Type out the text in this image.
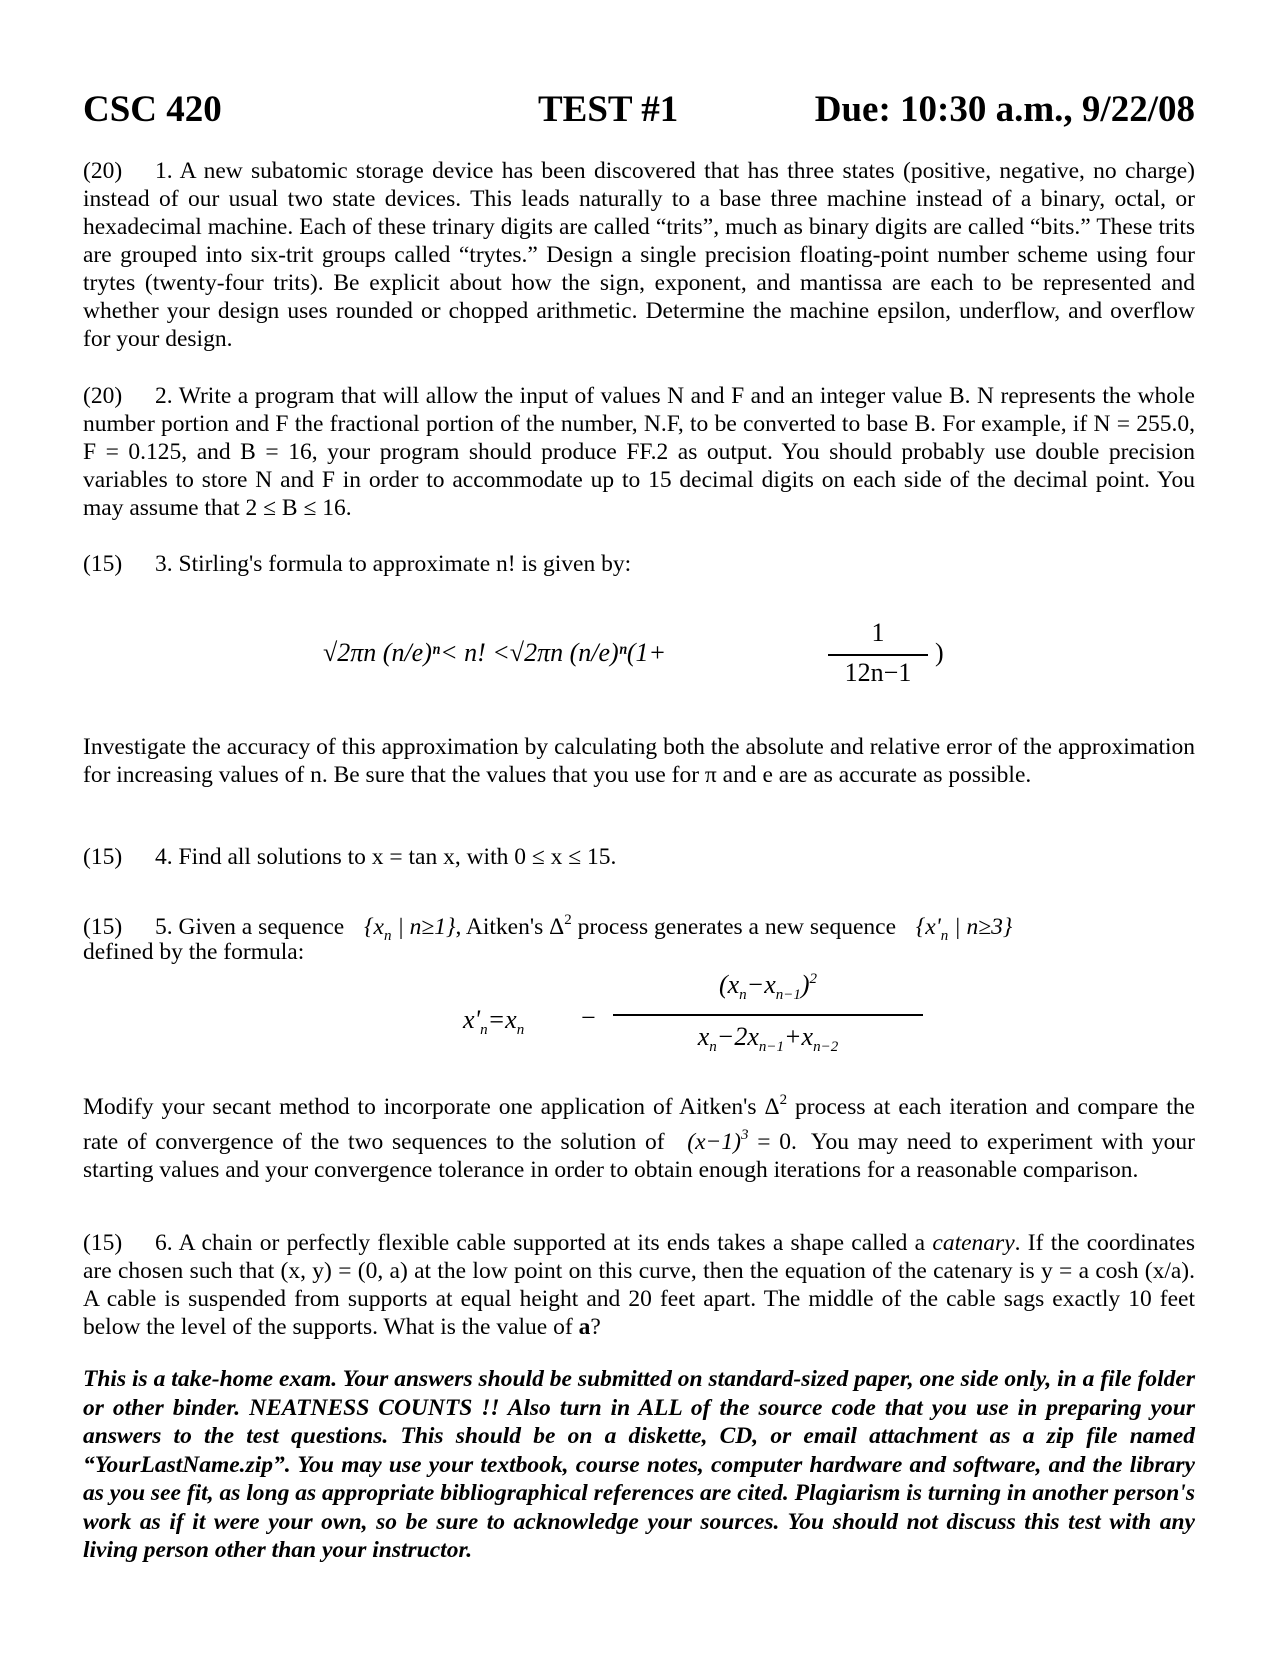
CSC 420	TEST #1	Due: 10:30 a.m., 9/22/08
(20) 1. A new subatomic storage device has been discovered that has three states (positive, negative, no charge) instead of our usual two state devices. This leads naturally to a base three machine instead of a binary, octal, or hexadecimal machine. Each of these trinary digits are called “trits”, much as binary digits are called “bits.” These trits are grouped into six-trit groups called “trytes.” Design a single precision floating-point number scheme using four trytes (twenty-four trits). Be explicit about how the sign, exponent, and mantissa are each to be represented and whether your design uses rounded or chopped arithmetic. Determine the machine epsilon, underflow, and overflow for your design.
(20) 2. Write a program that will allow the input of values N and F and an integer value B. N represents the whole number portion and F the fractional portion of the number, N.F, to be converted to base B. For example, if N = 255.0, F = 0.125, and B = 16, your program should produce FF.2 as output. You should probably use double precision variables to store N and F in order to accommodate up to 15 decimal digits on each side of the decimal point. You may assume that 2 ≤ B ≤ 16.
(15) 3. Stirling's formula to approximate n! is given by:
√2πn (n/e)ⁿ< n! <√2πn (n/e)ⁿ(1+
1
12n−1
)
Investigate the accuracy of this approximation by calculating both the absolute and relative error of the approximation for increasing values of n. Be sure that the values that you use for π and e are as accurate as possible.
(15) 4. Find all solutions to x = tan x, with 0 ≤ x ≤ 15.
(15) 5. Given a sequence {$x_n$ | n≥1}, Aitken's $\Delta^2$ process generates a new sequence {$x'_n$ | n≥3}
defined by the formula:
$x'_n=x_n$ −
$(x_n-x_{n-1})^2$
$x_n-2x_{n-1}+x_{n-2}$
Modify your secant method to incorporate one application of Aitken's $\Delta^2$ process at each iteration and compare the rate of convergence of the two sequences to the solution of $(x-1)^3 = 0$. You may need to experiment with your starting values and your convergence tolerance in order to obtain enough iterations for a reasonable comparison.
(15) 6. A chain or perfectly flexible cable supported at its ends takes a shape called a catenary. If the coordinates are chosen such that (x, y) = (0, a) at the low point on this curve, then the equation of the catenary is y = a cosh (x/a). A cable is suspended from supports at equal height and 20 feet apart. The middle of the cable sags exactly 10 feet below the level of the supports. What is the value of a?
This is a take-home exam. Your answers should be submitted on standard-sized paper, one side only, in a file folder or other binder. NEATNESS COUNTS !! Also turn in ALL of the source code that you use in preparing your answers to the test questions. This should be on a diskette, CD, or email attachment as a zip file named “YourLastName.zip”. You may use your textbook, course notes, computer hardware and software, and the library as you see fit, as long as appropriate bibliographical references are cited. Plagiarism is turning in another person's work as if it were your own, so be sure to acknowledge your sources. You should not discuss this test with any living person other than your instructor.
